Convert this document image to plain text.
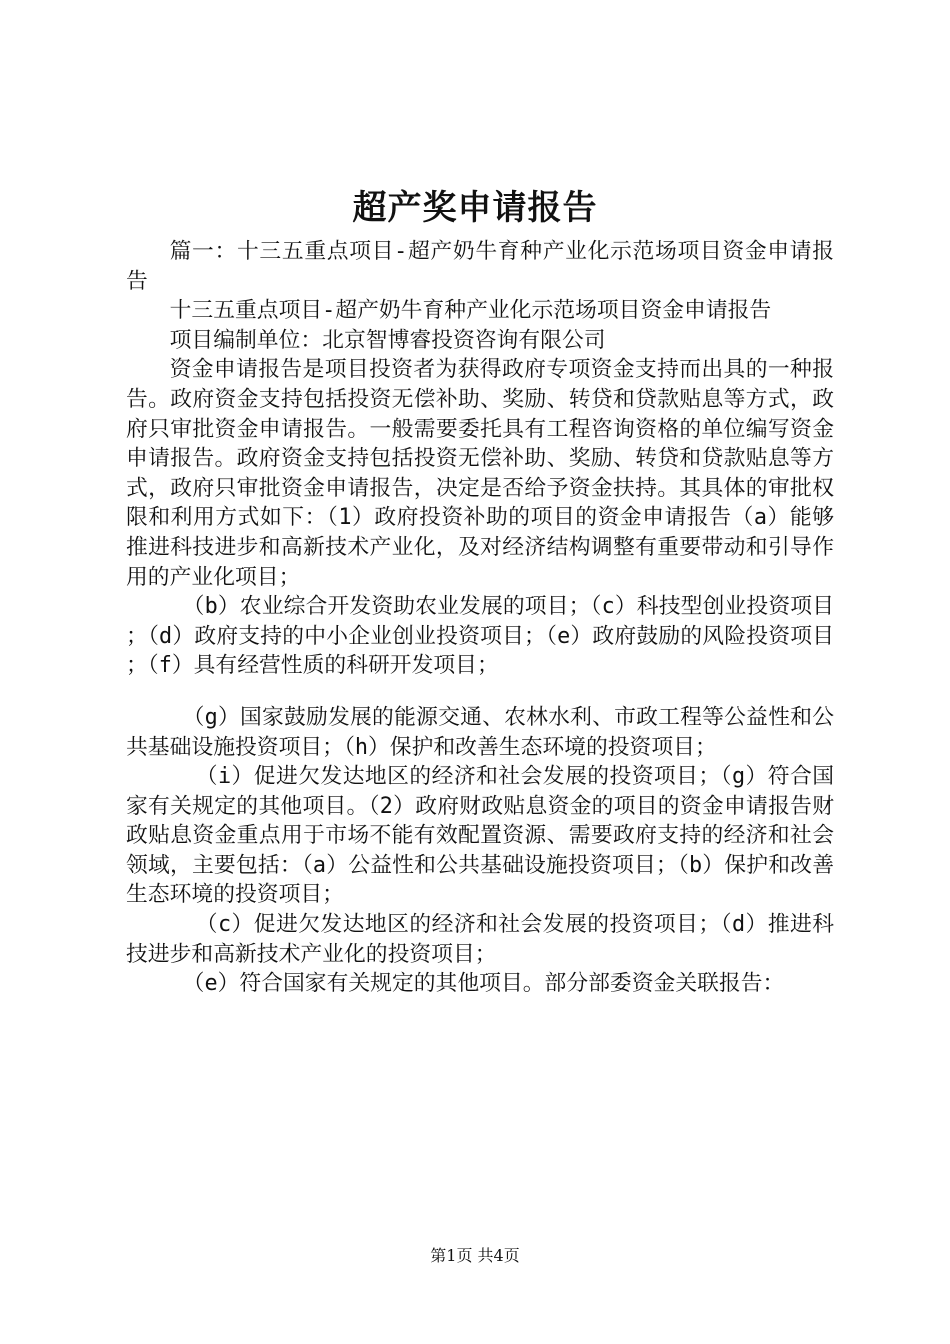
超产奖申请报告

篇一：十三五重点项目-超产奶牛育种产业化示范场项目资金申请报告

十三五重点项目-超产奶牛育种产业化示范场项目资金申请报告

项目编制单位：北京智博睿投资咨询有限公司

资金申请报告是项目投资者为获得政府专项资金支持而出具的一种报告。政府资金支持包括投资无偿补助、奖励、转贷和贷款贴息等方式，政府只审批资金申请报告。一般需要委托具有工程咨询资格的单位编写资金申请报告。政府资金支持包括投资无偿补助、奖励、转贷和贷款贴息等方式，政府只审批资金申请报告，决定是否给予资金扶持。其具体的审批权限和利用方式如下：（1）政府投资补助的项目的资金申请报告（a）能够推进科技进步和高新技术产业化，及对经济结构调整有重要带动和引导作用的产业化项目；

（b）农业综合开发资助农业发展的项目；（c）科技型创业投资项目；（d）政府支持的中小企业创业投资项目；（e）政府鼓励的风险投资项目；（f）具有经营性质的科研开发项目；

（g）国家鼓励发展的能源交通、农林水利、市政工程等公益性和公共基础设施投资项目；（h）保护和改善生态环境的投资项目；

（i）促进欠发达地区的经济和社会发展的投资项目；（g）符合国家有关规定的其他项目。（2）政府财政贴息资金的项目的资金申请报告财政贴息资金重点用于市场不能有效配置资源、需要政府支持的经济和社会领域，主要包括：（a）公益性和公共基础设施投资项目；（b）保护和改善生态环境的投资项目；

（c）促进欠发达地区的经济和社会发展的投资项目；（d）推进科技进步和高新技术产业化的投资项目；

（e）符合国家有关规定的其他项目。部分部委资金关联报告：

第1页 共4页
